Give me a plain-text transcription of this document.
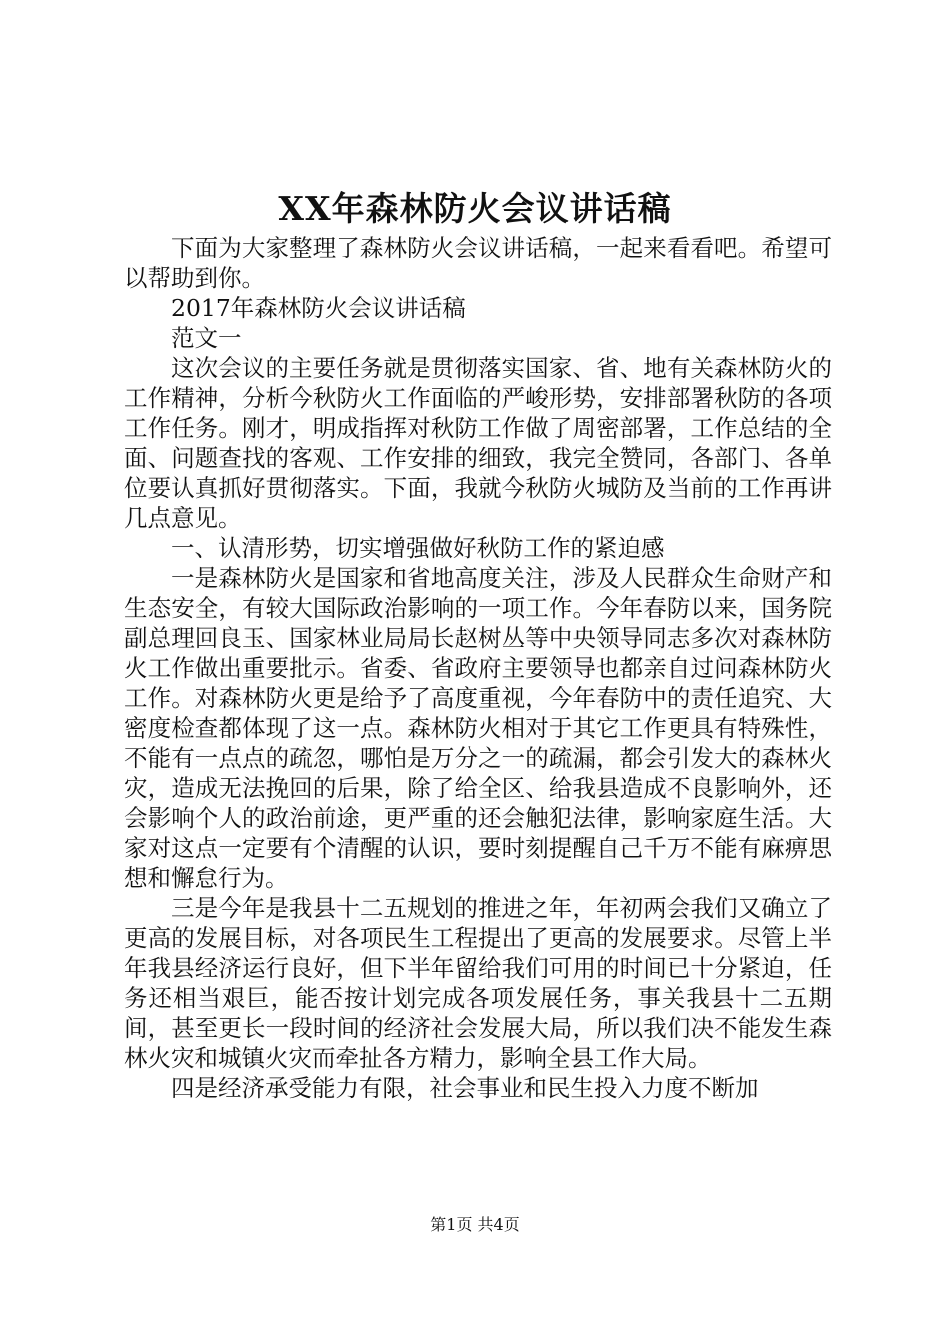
XX年森林防火会议讲话稿

下面为大家整理了森林防火会议讲话稿，一起来看看吧。希望可以帮助到你。

2017年森林防火会议讲话稿

范文一

这次会议的主要任务就是贯彻落实国家、省、地有关森林防火的工作精神，分析今秋防火工作面临的严峻形势，安排部署秋防的各项工作任务。刚才，明成指挥对秋防工作做了周密部署，工作总结的全面、问题查找的客观、工作安排的细致，我完全赞同，各部门、各单位要认真抓好贯彻落实。下面，我就今秋防火城防及当前的工作再讲几点意见。

一、认清形势，切实增强做好秋防工作的紧迫感

一是森林防火是国家和省地高度关注，涉及人民群众生命财产和生态安全，有较大国际政治影响的一项工作。今年春防以来，国务院副总理回良玉、国家林业局局长赵树丛等中央领导同志多次对森林防火工作做出重要批示。省委、省政府主要领导也都亲自过问森林防火工作。对森林防火更是给予了高度重视，今年春防中的责任追究、大密度检查都体现了这一点。森林防火相对于其它工作更具有特殊性，不能有一点点的疏忽，哪怕是万分之一的疏漏，都会引发大的森林火灾，造成无法挽回的后果，除了给全区、给我县造成不良影响外，还会影响个人的政治前途，更严重的还会触犯法律，影响家庭生活。大家对这点一定要有个清醒的认识，要时刻提醒自己千万不能有麻痹思想和懈怠行为。

三是今年是我县十二五规划的推进之年，年初两会我们又确立了更高的发展目标，对各项民生工程提出了更高的发展要求。尽管上半年我县经济运行良好，但下半年留给我们可用的时间已十分紧迫，任务还相当艰巨，能否按计划完成各项发展任务，事关我县十二五期间，甚至更长一段时间的经济社会发展大局，所以我们决不能发生森林火灾和城镇火灾而牵扯各方精力，影响全县工作大局。

四是经济承受能力有限，社会事业和民生投入力度不断加

第1页 共4页
